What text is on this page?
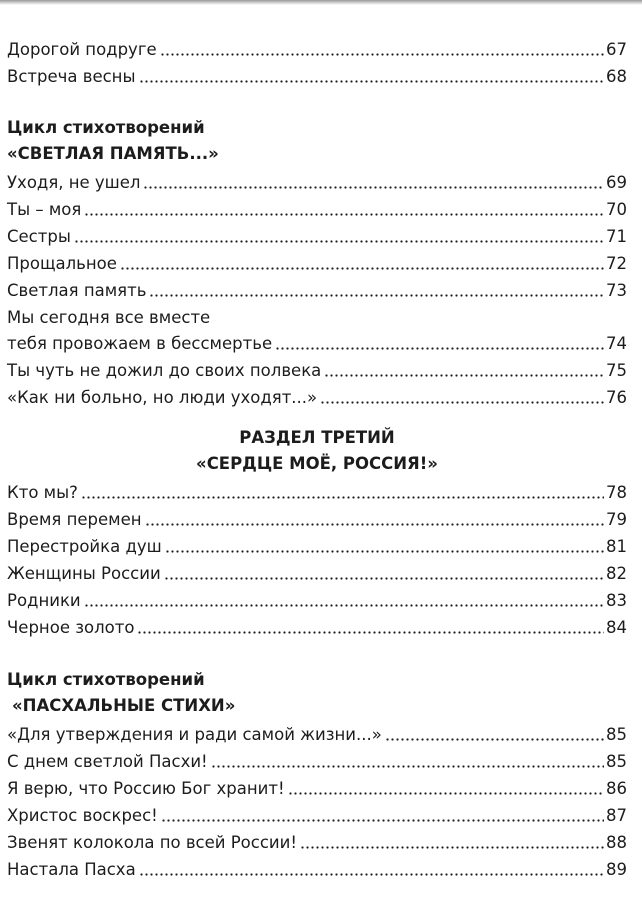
Дорогой подруге	67
Встреча весны	68
Цикл стихотворений
«СВЕТЛАЯ ПАМЯТЬ...»
Уходя, не ушел	69
Ты – моя	70
Сестры	71
Прощальное	72
Светлая память	73
Мы сегодня все вместе
тебя провожаем в бессмертье	74
Ты чуть не дожил до своих полвека	75
«Как ни больно, но люди уходят...»	76
РАЗДЕЛ ТРЕТИЙ
«СЕРДЦЕ МОЁ, РОССИЯ!»
Кто мы?	78
Время перемен	79
Перестройка душ	81
Женщины России	82
Родники	83
Черное золото	84
Цикл стихотворений
«ПАСХАЛЬНЫЕ СТИХИ»
«Для утверждения и ради самой жизни...»	85
С днем светлой Пасхи!	85
Я верю, что Россию Бог хранит!	86
Христос воскрес!	87
Звенят колокола по всей России!	88
Настала Пасха	89
